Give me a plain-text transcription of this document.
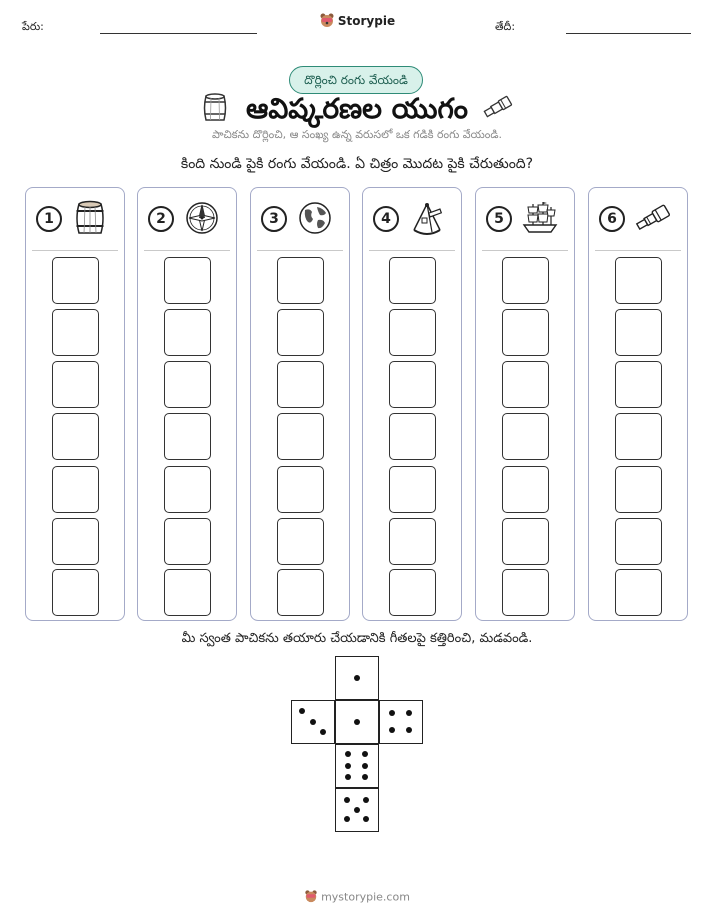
పేరు:	Storypie	తేదీ:
దొర్లించి రంగు వేయండి
ఆవిష్కరణల యుగం
పాచికను దొర్లించి, ఆ సంఖ్య ఉన్న వరుసలో ఒక గడికి రంగు వేయండి.
కింది నుండి పైకి రంగు వేయండి. ఏ చిత్రం మొదట పైకి చేరుతుంది?
1	2	3	4	5	6
మీ స్వంత పాచికను తయారు చేయడానికి గీతలపై కత్తిరించి, మడవండి.
mystorypie.com
